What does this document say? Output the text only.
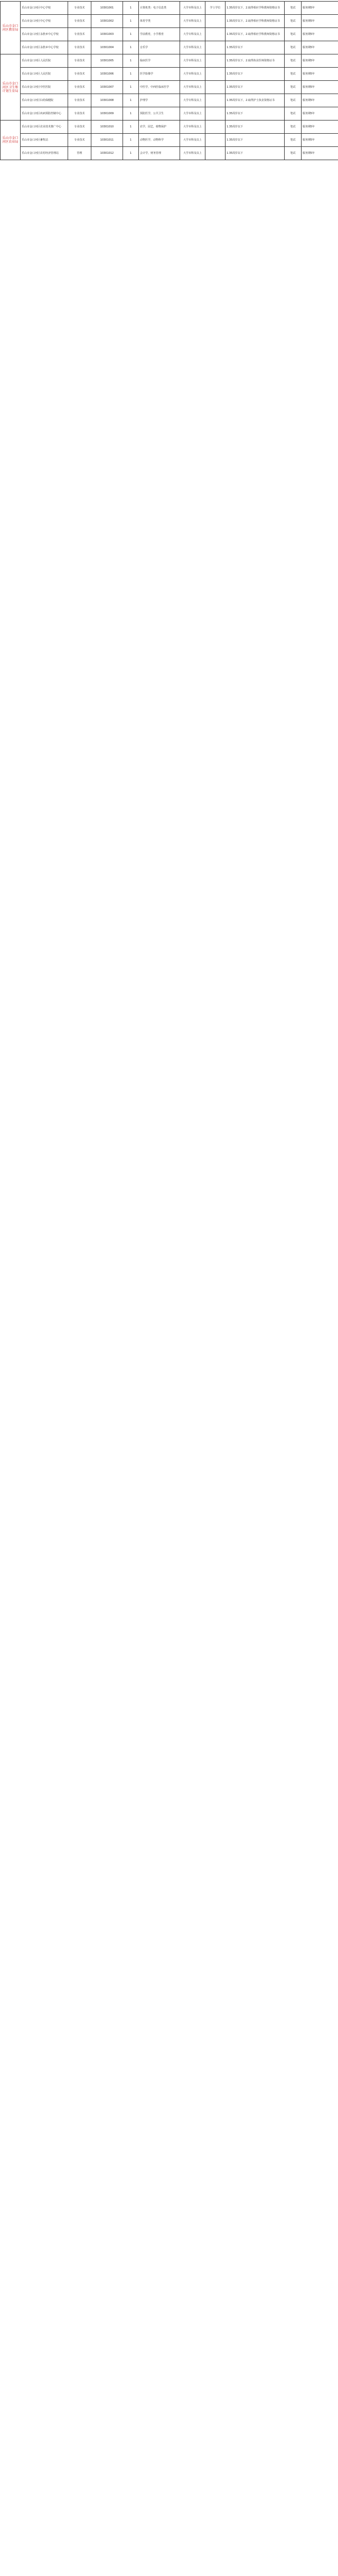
乐山市金口河区教育局	乐山市金口河区中心学校	专业技术	10301001	1	计算机类：电子信息类	大学本科及以上	学士学位	1.35周岁以下，2.取得相应学科教师资格证书	笔试	服务期5年
	乐山市金口河区中心学校	专业技术	10301002	1	体育学类	大学本科及以上		1.35周岁以下，2.取得相应学科教师资格证书	笔试	服务期5年
	乐山市金口河区永胜乡中心学校	专业技术	10301003	1	学前教育，小学教育	大学专科及以上		1.35周岁以下，2.取得相应学科教师资格证书	笔试	服务期5年
	乐山市金口河区永胜乡中心学校	专业技术	10301004	1	音乐学	大学本科及以上		1.35周岁以下	笔试	服务期5年
乐山市金口河区卫生和计划生育局	乐山市金口河区人民医院	专业技术	10301005	1	临床医学	大学本科及以上		1.35周岁以下，2.取得执业医师资格证书	笔试	服务期5年
	乐山市金口河区人民医院	专业技术	10301006	1	医学影像学	大学本科及以上		1.35周岁以下	笔试	服务期5年
	乐山市金口河区中医医院	专业技术	10301007	1	中医学，中西医临床医学	大学本科及以上		1.35周岁以下	笔试	服务期5年
	乐山市金口河区妇幼保健院	专业技术	10301008	1	护理学	大学专科及以上		1.35周岁以下，2.取得护士执业资格证书	笔试	服务期5年
	乐山市金口河区疾病预防控制中心	专业技术	10301009	1	预防医学，公共卫生	大学本科及以上		1.35周岁以下	笔试	服务期5年
乐山市金口河区农业局	乐山市金口河区农业技术推广中心	专业技术	10301010	1	农学，园艺，植物保护	大学本科及以上		1.35周岁以下	笔试	服务期5年
	乐山市金口河区畜牧站	专业技术	10301011	1	动物医学，动物科学	大学本科及以上		1.35周岁以下	笔试	服务期5年
	乐山市金口河区农村经济管理站	管理	10301012	1	会计学，财务管理	大学本科及以上		1.35周岁以下	笔试	服务期5年
